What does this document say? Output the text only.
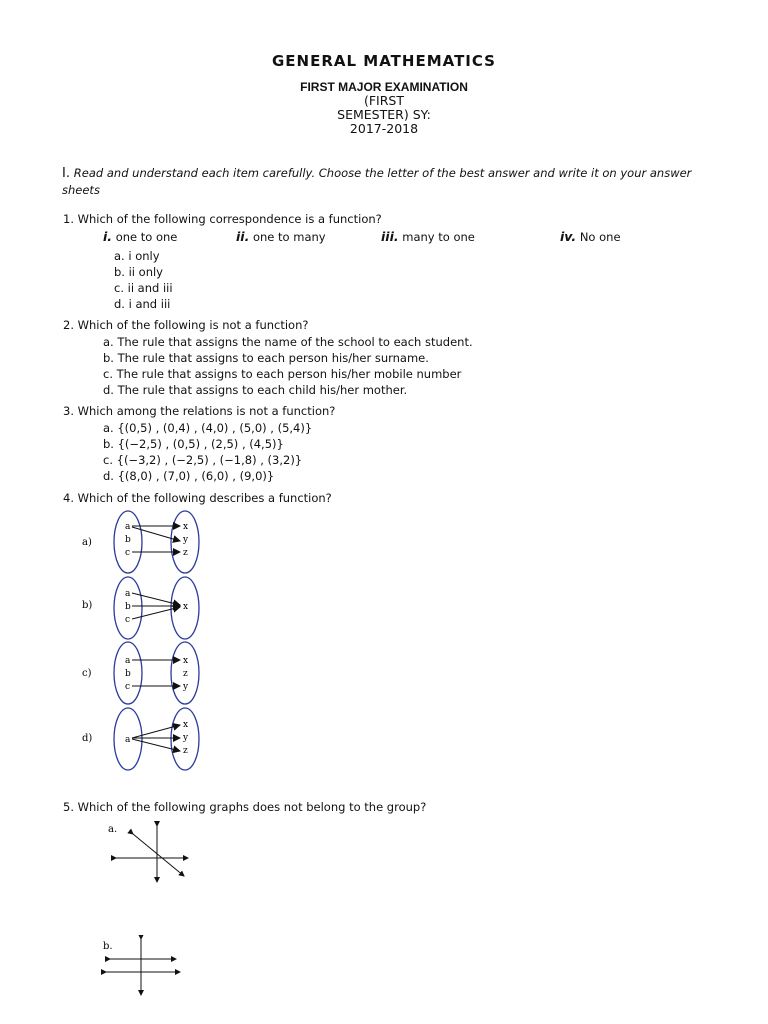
GENERAL MATHEMATICS
FIRST MAJOR EXAMINATION
(FIRST
SEMESTER) SY:
2017-2018
I. Read and understand each item carefully. Choose the letter of the best answer and write it on your answer sheets
1. Which of the following correspondence is a function?
i. one to one	ii. one to many	iii. many to one	iv. No one
a. i only
b. ii only
c. ii and iii
d. i and iii
2. Which of the following is not a function?
a. The rule that assigns the name of the school to each student.
b. The rule that assigns to each person his/her surname.
c. The rule that assigns to each person his/her mobile number
d. The rule that assigns to each child his/her mother.
3. Which among the relations is not a function?
a. {(0,5) , (0,4) , (4,0) , (5,0) , (5,4)}
b. {(−2,5) , (0,5) , (2,5) , (4,5)}
c. {(−3,2) , (−2,5) , (−1,8) , (3,2)}
d. {(8,0) , (7,0) , (6,0) , (9,0)}
4. Which of the following describes a function?
a)
a
b
c
x
y
z
b)
a
b
c
x
c)
a
b
c
x
z
y
d)	a
x
y
z
5. Which of the following graphs does not belong to the group?
a.
b.
